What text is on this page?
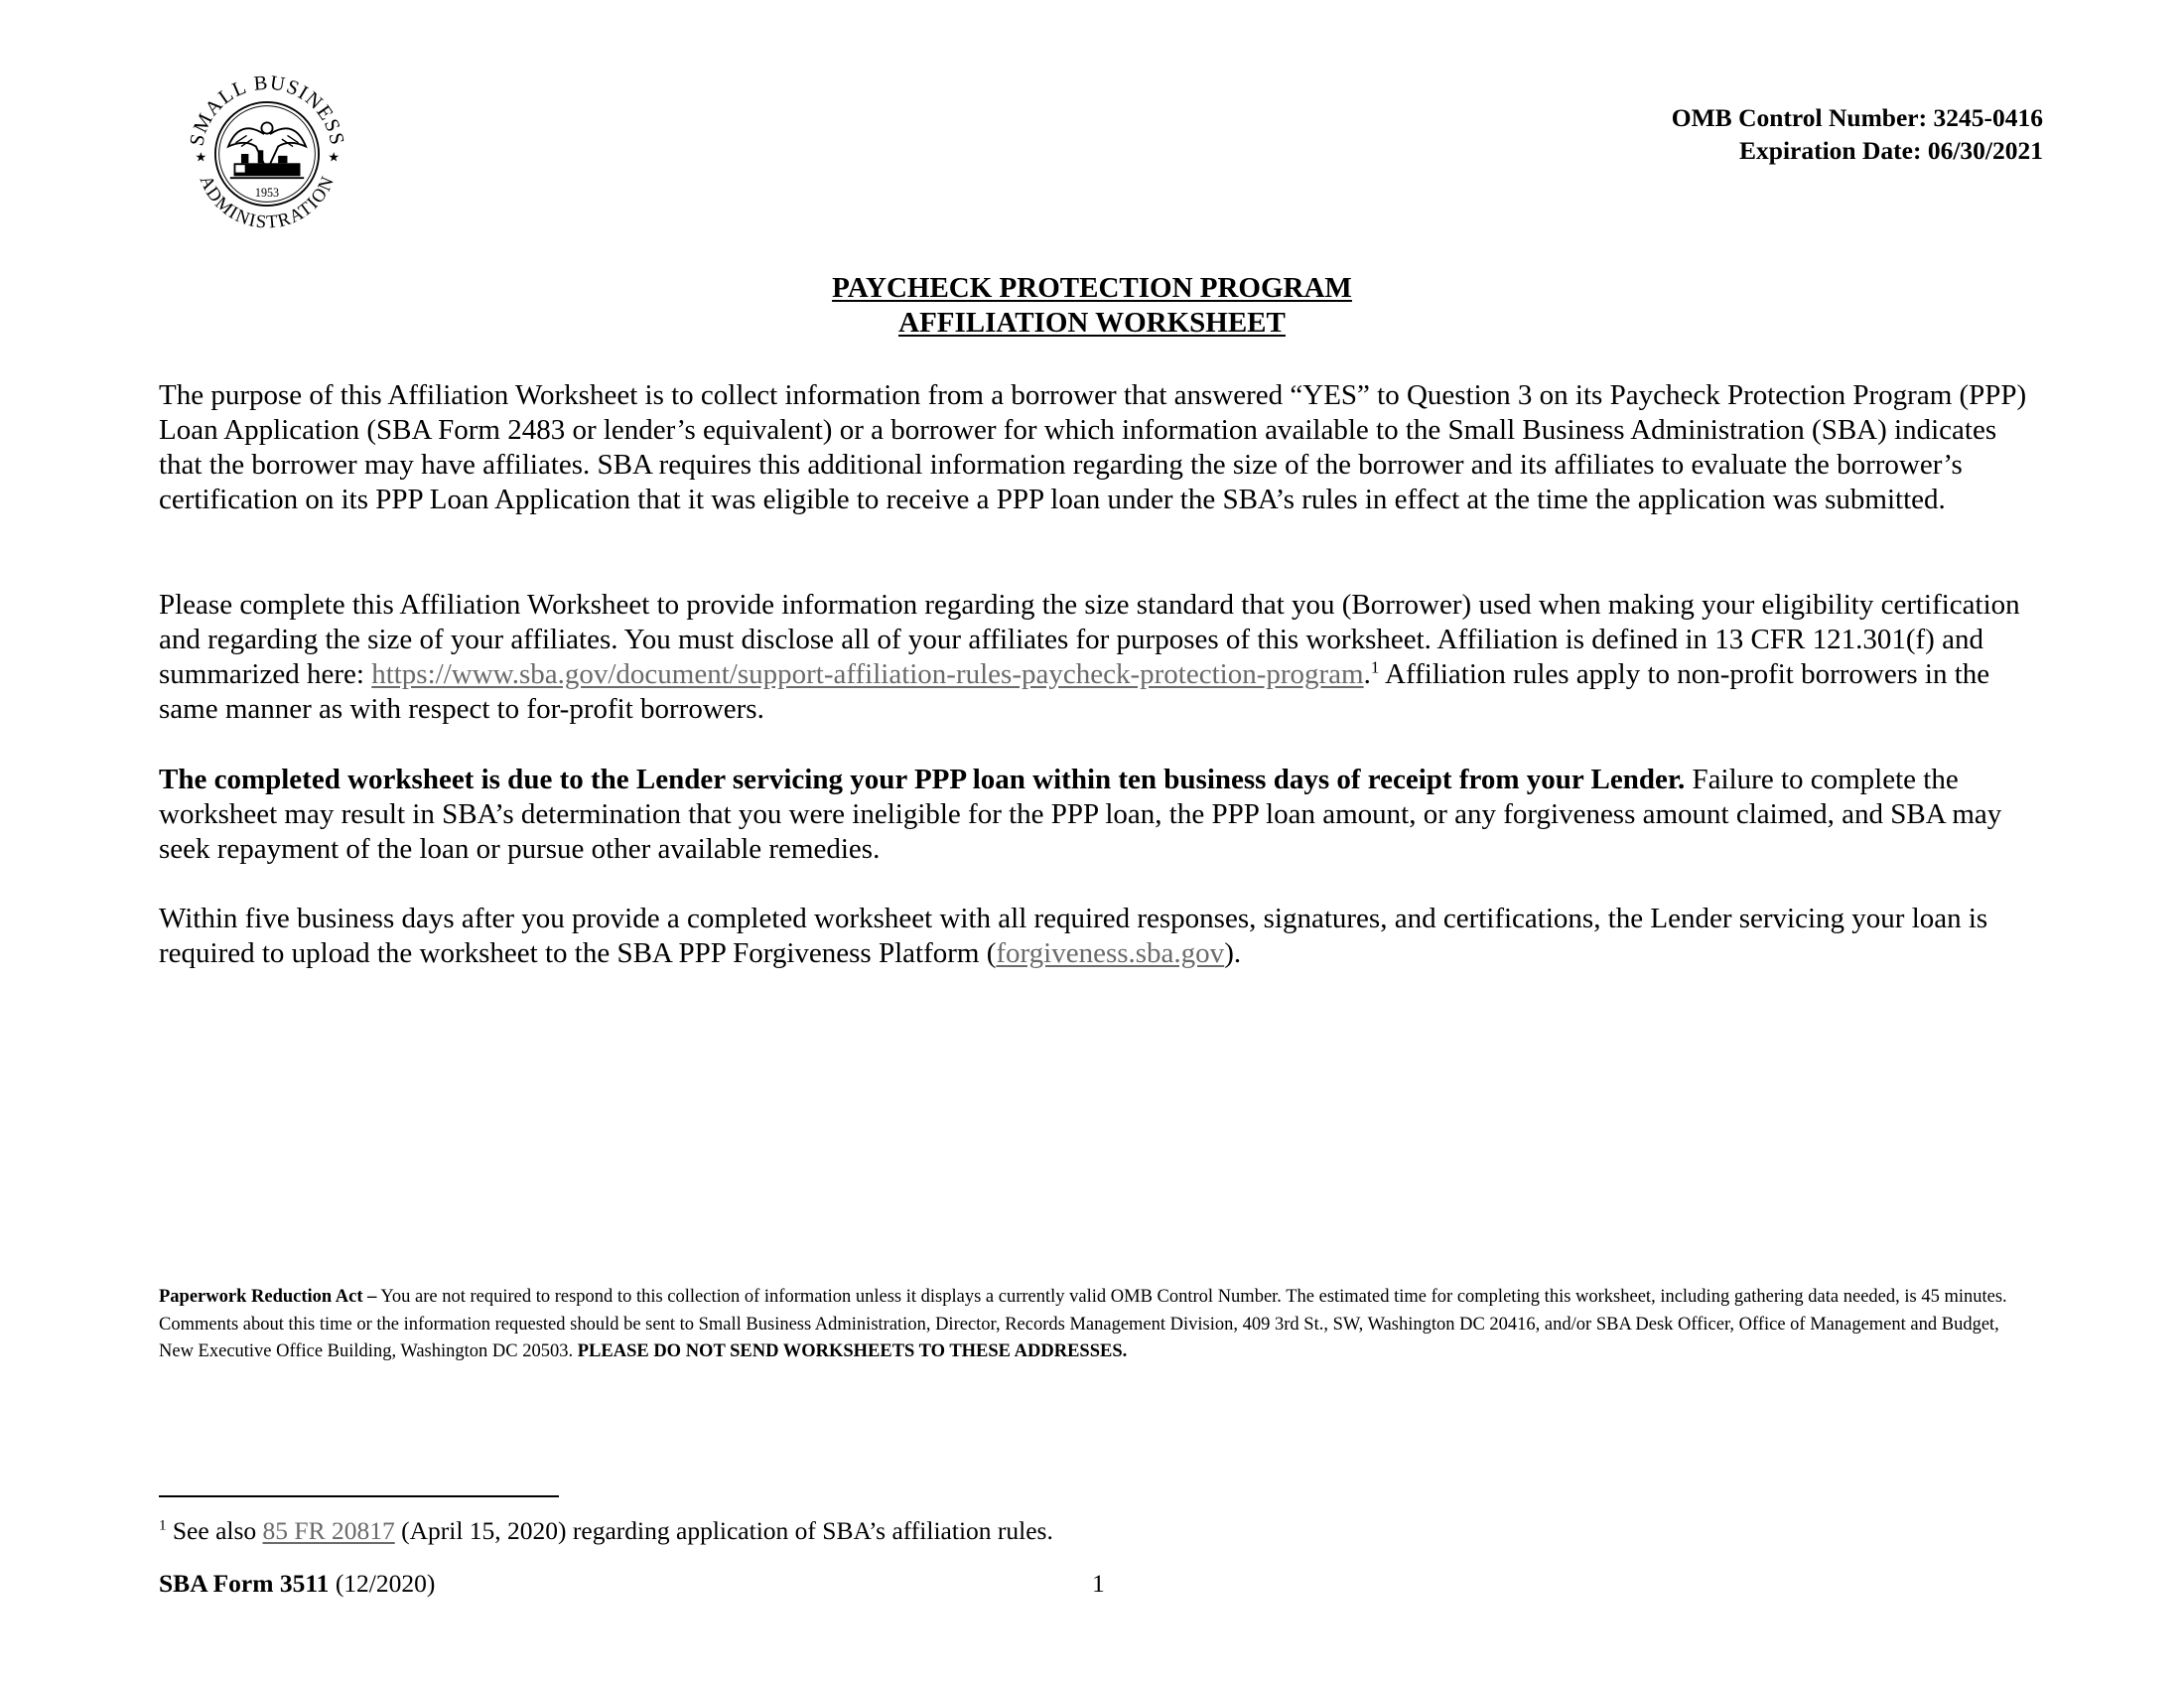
SMALL BUSINESS
ADMINISTRATION
★	★
1953
OMB Control Number: 3245-0416
Expiration Date: 06/30/2021
PAYCHECK PROTECTION PROGRAM
AFFILIATION WORKSHEET

The purpose of this Affiliation Worksheet is to collect information from a borrower that answered “YES” to Question 3 on its Paycheck Protection Program (PPP) Loan Application (SBA Form 2483 or lender’s equivalent) or a borrower for which information available to the Small Business Administration (SBA) indicates that the borrower may have affiliates. SBA requires this additional information regarding the size of the borrower and its affiliates to evaluate the borrower’s certification on its PPP Loan Application that it was eligible to receive a PPP loan under the SBA’s rules in effect at the time the application was submitted.

Please complete this Affiliation Worksheet to provide information regarding the size standard that you (Borrower) used when making your eligibility certification and regarding the size of your affiliates. You must disclose all of your affiliates for purposes of this worksheet. Affiliation is defined in 13 CFR 121.301(f) and summarized here: https://www.sba.gov/document/support-affiliation-rules-paycheck-protection-program.$^1$ Affiliation rules apply to non-profit borrowers in the same manner as with respect to for-profit borrowers.

The completed worksheet is due to the Lender servicing your PPP loan within ten business days of receipt from your Lender. Failure to complete the worksheet may result in SBA’s determination that you were ineligible for the PPP loan, the PPP loan amount, or any forgiveness amount claimed, and SBA may seek repayment of the loan or pursue other available remedies.

Within five business days after you provide a completed worksheet with all required responses, signatures, and certifications, the Lender servicing your loan is required to upload the worksheet to the SBA PPP Forgiveness Platform (forgiveness.sba.gov).

Paperwork Reduction Act – You are not required to respond to this collection of information unless it displays a currently valid OMB Control Number. The estimated time for completing this worksheet, including gathering data needed, is 45 minutes. Comments about this time or the information requested should be sent to Small Business Administration, Director, Records Management Division, 409 3rd St., SW, Washington DC 20416, and/or SBA Desk Officer, Office of Management and Budget, New Executive Office Building, Washington DC 20503. PLEASE DO NOT SEND WORKSHEETS TO THESE ADDRESSES.

$^1$ See also 85 FR 20817 (April 15, 2020) regarding application of SBA’s affiliation rules.
SBA Form 3511 (12/2020)	1
